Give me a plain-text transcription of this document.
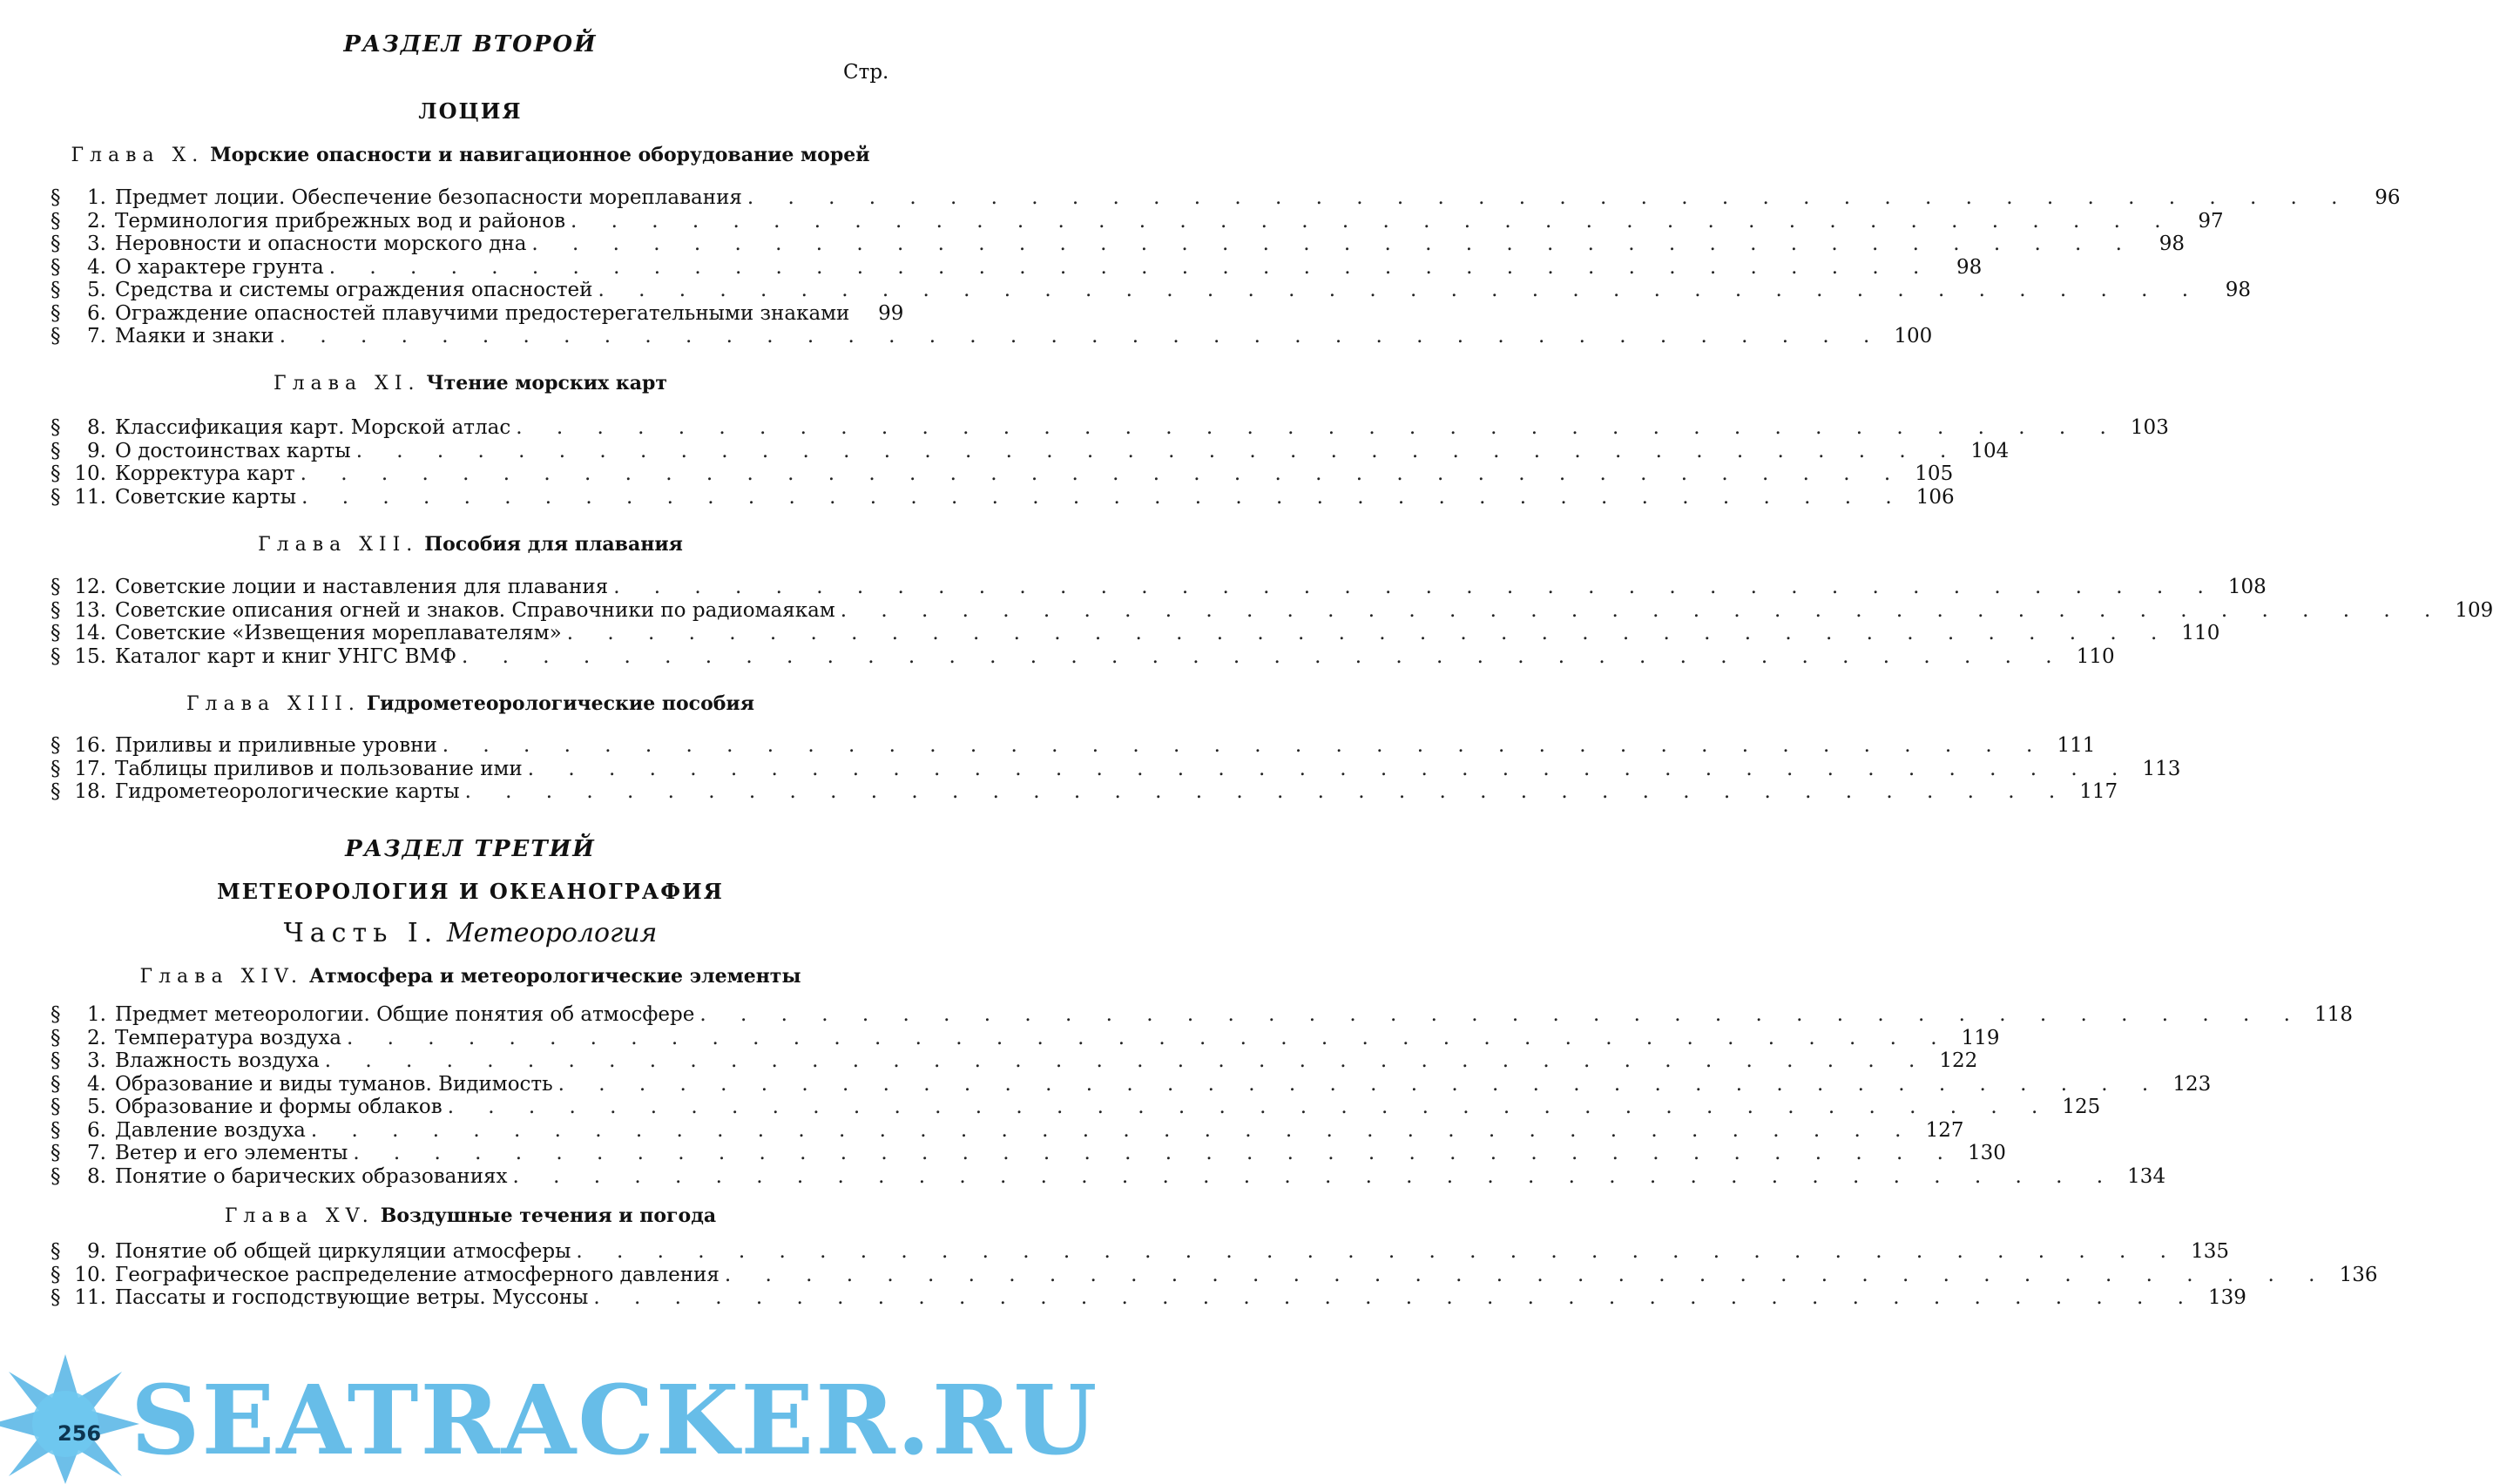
РАЗДЕЛ ВТОРОЙ
Стр.
ЛОЦИЯ
Глава X. Морские опасности и навигационное оборудование морей
§	1. Предмет лоции. Обеспечение безопасности мореплавания . . .	96
§	2. Терминология прибрежных вод и районов . . .	97
§	3. Неровности и опасности морского дна . . .	98
§	4. О характере грунта . . .	98
§	5. Средства и системы ограждения опасностей . . .	98
§	6. Ограждение опасностей плавучими предостерегательными знаками	99
§	7. Маяки и знаки . . .	100
Глава XI. Чтение морских карт
§	8. Классификация карт. Морской атлас . . .	103
§	9. О достоинствах карты . . .	104
§ 10. Корректура карт . . .	105
§ 11. Советские карты . . .	106
Глава XII. Пособия для плавания
§ 12. Советские лоции и наставления для плавания . . .	108
§ 13. Советские описания огней и знаков. Справочники по радиомаякам . . .	109
§ 14. Советские «Извещения мореплавателям» . . .	110
§ 15. Каталог карт и книг УНГС ВМФ . . .	110
Глава XIII. Гидрометеорологические пособия
§ 16. Приливы и приливные уровни . . .	111
§ 17. Таблицы приливов и пользование ими . . .	113
§ 18. Гидрометеорологические карты . . .	117
РАЗДЕЛ ТРЕТИЙ
МЕТЕОРОЛОГИЯ И ОКЕАНОГРАФИЯ
Часть I. Метеорология
Глава XIV. Атмосфера и метеорологические элементы
§	1. Предмет метеорологии. Общие понятия об атмосфере . . .	118
§	2. Температура воздуха . . .	119
§	3. Влажность воздуха . . .	122
§	4. Образование и виды туманов. Видимость . . .	123
§	5. Образование и формы облаков . . .	125
§	6. Давление воздуха . . .	127
§	7. Ветер и его элементы . . .	130
§	8. Понятие о барических образованиях . . .	134
Глава XV. Воздушные течения и погода
§	9. Понятие об общей циркуляции атмосферы . . .	135
§ 10. Географическое распределение атмосферного давления . . .	136
§ 11. Пассаты и господствующие ветры. Муссоны . . .	139
SEATRACKER.RU
256
